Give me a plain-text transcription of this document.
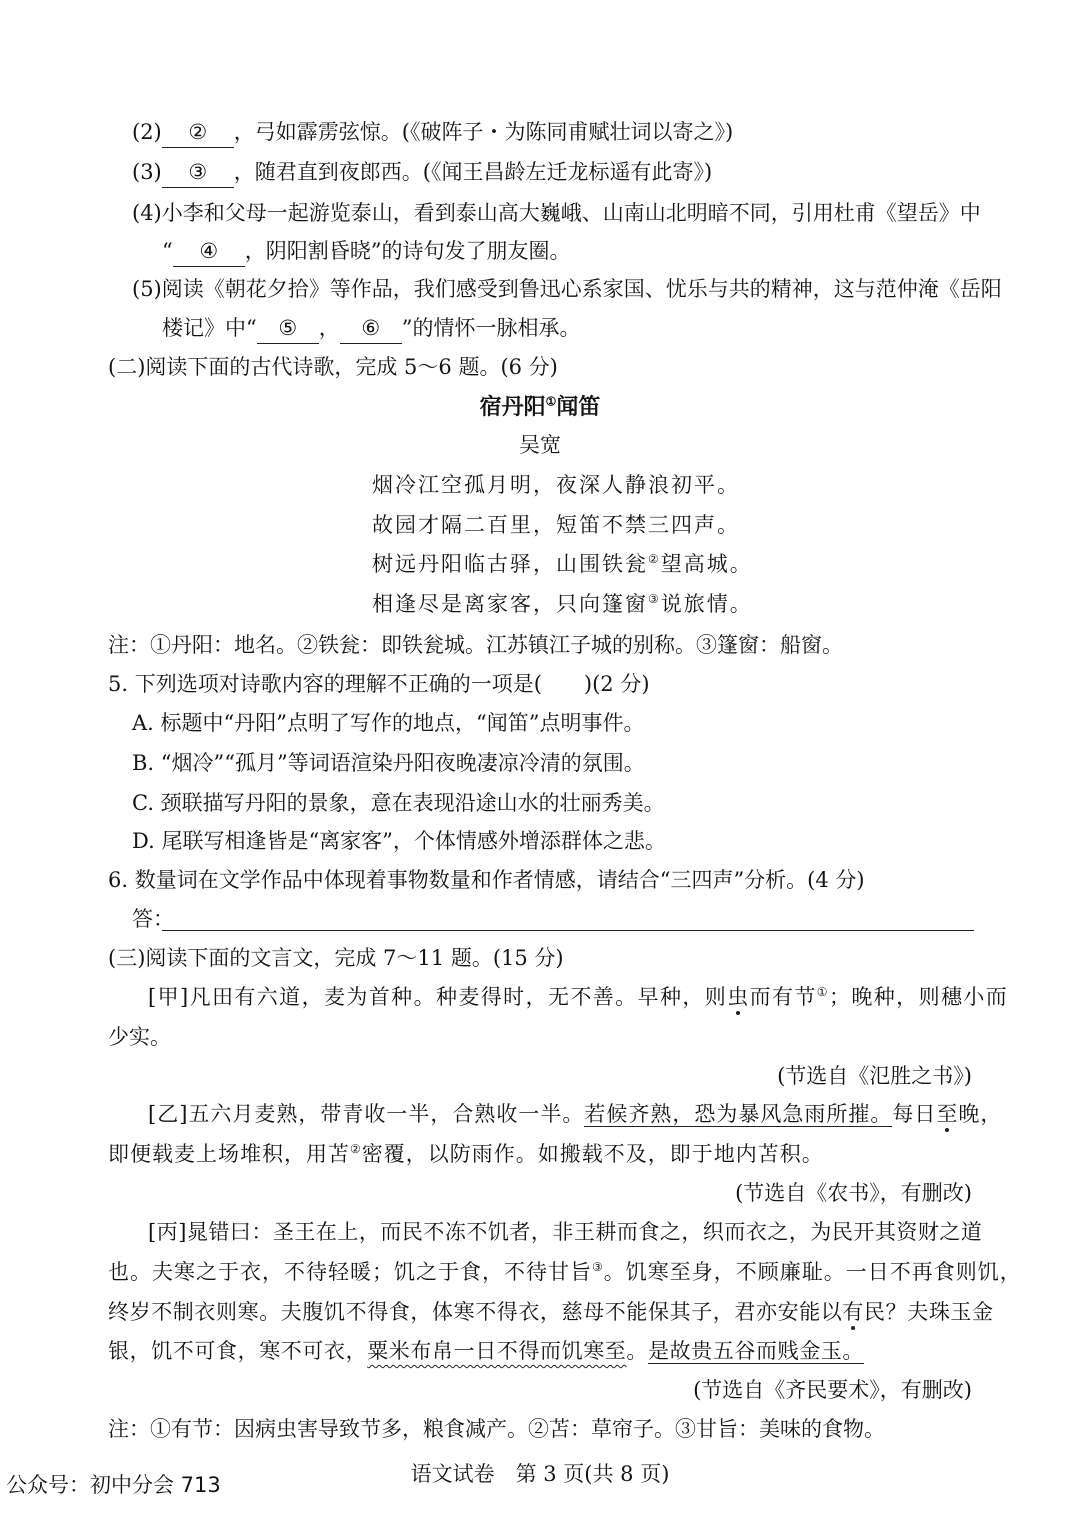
(2) ② ，弓如霹雳弦惊。(《破阵子・为陈同甫赋壮词以寄之》)
(3) ③ ，随君直到夜郎西。(《闻王昌龄左迁龙标遥有此寄》)
(4)小李和父母一起游览泰山，看到泰山高大巍峨、山南山北明暗不同，引用杜甫《望岳》中
“ ④ ，阴阳割昏晓”的诗句发了朋友圈。
(5)阅读《朝花夕拾》等作品，我们感受到鲁迅心系家国、忧乐与共的精神，这与范仲淹《岳阳
楼记》中“ ⑤ ， ⑥ ”的情怀一脉相承。
(二)阅读下面的古代诗歌，完成 5～6 题。(6 分)
宿丹阳①闻笛
吴宽
烟冷江空孤月明，夜深人静浪初平。
故园才隔二百里，短笛不禁三四声。
树远丹阳临古驿，山围铁瓮②望高城。
相逢尽是离家客，只向篷窗③说旅情。
注：①丹阳：地名。②铁瓮：即铁瓮城。江苏镇江子城的别称。③篷窗：船窗。
5. 下列选项对诗歌内容的理解不正确的一项是(　　)(2 分)
A. 标题中“丹阳”点明了写作的地点，“闻笛”点明事件。
B. “烟冷”“孤月”等词语渲染丹阳夜晚凄凉冷清的氛围。
C. 颈联描写丹阳的景象，意在表现沿途山水的壮丽秀美。
D. 尾联写相逢皆是“离家客”，个体情感外增添群体之悲。
6. 数量词在文学作品中体现着事物数量和作者情感，请结合“三四声”分析。(4 分)
答：
(三)阅读下面的文言文，完成 7～11 题。(15 分)
[甲]凡田有六道，麦为首种。种麦得时，无不善。早种，则虫而有节①；晚种，则穗小而
少实。
(节选自《氾胜之书》)
[乙]五六月麦熟，带青收一半，合熟收一半。若候齐熟，恐为暴风急雨所摧。每日至晚，
即便载麦上场堆积，用苫②密覆，以防雨作。如搬载不及，即于地内苫积。
(节选自《农书》，有删改)
[丙]晁错曰：圣王在上，而民不冻不饥者，非王耕而食之，织而衣之，为民开其资财之道
也。夫寒之于衣，不待轻暖；饥之于食，不待甘旨③。饥寒至身，不顾廉耻。一日不再食则饥，
终岁不制衣则寒。夫腹饥不得食，体寒不得衣，慈母不能保其子，君亦安能以有民？夫珠玉金
银，饥不可食，寒不可衣，粟米布帛一日不得而饥寒至。是故贵五谷而贱金玉。
(节选自《齐民要术》，有删改)
注：①有节：因病虫害导致节多，粮食减产。②苫：草帘子。③甘旨：美味的食物。
语文试卷　第 3 页(共 8 页)
公众号：初中分会 713
